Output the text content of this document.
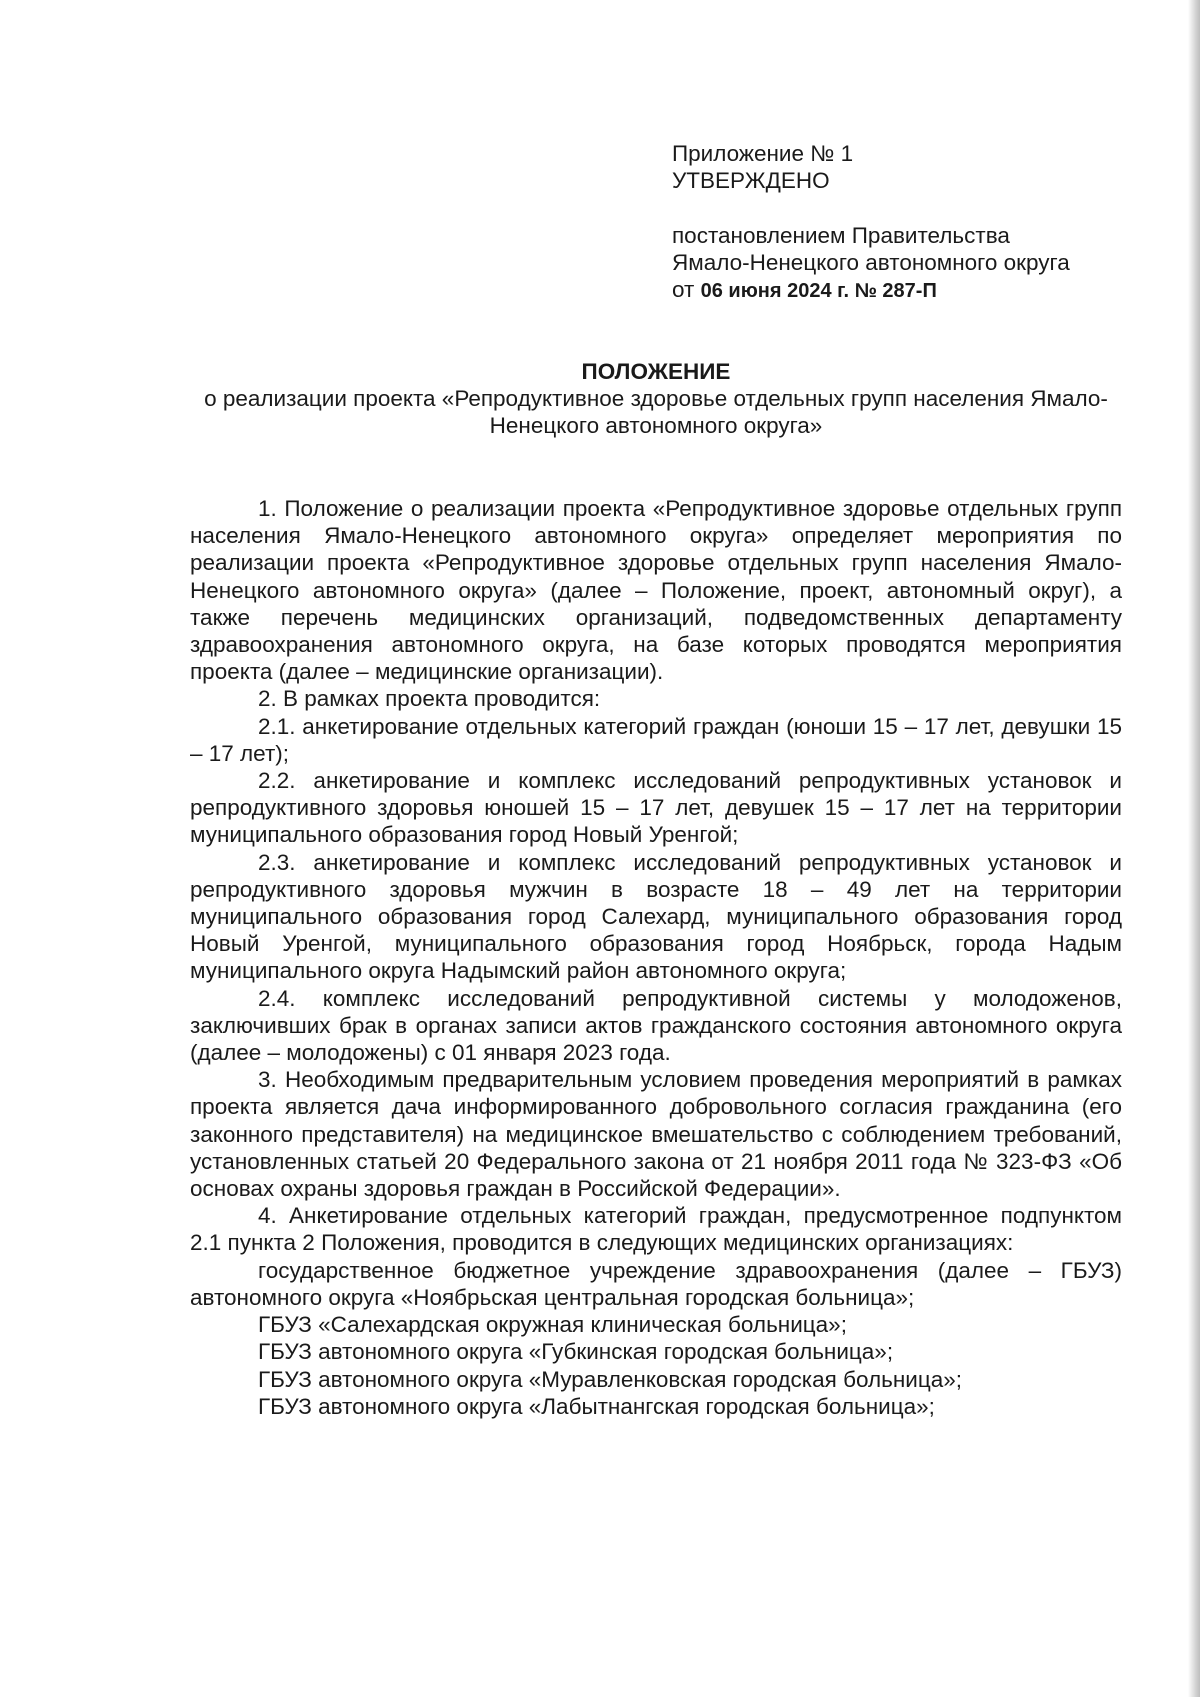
Приложение № 1
УТВЕРЖДЕНО
постановлением Правительства
Ямало-Ненецкого автономного округа
от 06 июня 2024 г. № 287-П
ПОЛОЖЕНИЕ
о реализации проекта «Репродуктивное здоровье отдельных групп населения Ямало-Ненецкого автономного округа»

1. Положение о реализации проекта «Репродуктивное здоровье отдельных групп населения Ямало-Ненецкого автономного округа» определяет мероприятия по реализации проекта «Репродуктивное здоровье отдельных групп населения Ямало-Ненецкого автономного округа» (далее – Положение, проект, автономный округ), а также перечень медицинских организаций, подведомственных департаменту здравоохранения автономного округа, на базе которых проводятся мероприятия проекта (далее – медицинские организации).

2. В рамках проекта проводится:

2.1. анкетирование отдельных категорий граждан (юноши 15 – 17 лет, девушки 15 – 17 лет);

2.2. анкетирование и комплекс исследований репродуктивных установок и репродуктивного здоровья юношей 15 – 17 лет, девушек 15 – 17 лет на территории муниципального образования город Новый Уренгой;

2.3. анкетирование и комплекс исследований репродуктивных установок и репродуктивного здоровья мужчин в возрасте 18 – 49 лет на территории муниципального образования город Салехард, муниципального образования город Новый Уренгой, муниципального образования город Ноябрьск, города Надым муниципального округа Надымский район автономного округа;

2.4. комплекс исследований репродуктивной системы у молодоженов, заключивших брак в органах записи актов гражданского состояния автономного округа (далее – молодожены) с 01 января 2023 года.

3. Необходимым предварительным условием проведения мероприятий в рамках проекта является дача информированного добровольного согласия гражданина (его законного представителя) на медицинское вмешательство с соблюдением требований, установленных статьей 20 Федерального закона от 21 ноября 2011 года № 323-ФЗ «Об основах охраны здоровья граждан в Российской Федерации».

4. Анкетирование отдельных категорий граждан, предусмотренное подпунктом 2.1 пункта 2 Положения, проводится в следующих медицинских организациях:

государственное бюджетное учреждение здравоохранения (далее – ГБУЗ) автономного округа «Ноябрьская центральная городская больница»;

ГБУЗ «Салехардская окружная клиническая больница»;

ГБУЗ автономного округа «Губкинская городская больница»;

ГБУЗ автономного округа «Муравленковская городская больница»;

ГБУЗ автономного округа «Лабытнангская городская больница»;
